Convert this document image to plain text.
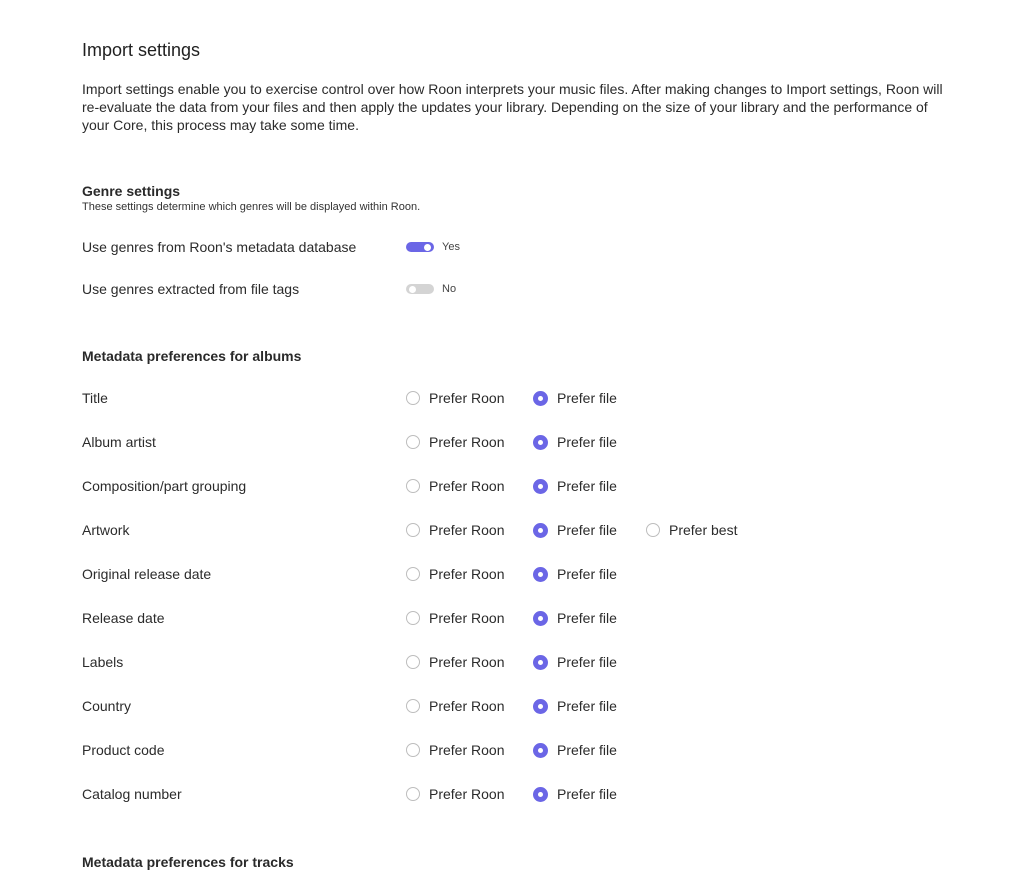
Import settings
Import settings enable you to exercise control over how Roon interprets your music files. After making changes to Import settings, Roon will re-evaluate the data from your files and then apply the updates your library. Depending on the size of your library and the performance of your Core, this process may take some time.
Genre settings
These settings determine which genres will be displayed within Roon.
Use genres from Roon's metadata database	Yes
Use genres extracted from file tags	No
Metadata preferences for albums
Title	Prefer Roon	Prefer file
Album artist	Prefer Roon	Prefer file
Composition/part grouping	Prefer Roon	Prefer file
Artwork	Prefer Roon	Prefer file	Prefer best
Original release date	Prefer Roon	Prefer file
Release date	Prefer Roon	Prefer file
Labels	Prefer Roon	Prefer file
Country	Prefer Roon	Prefer file
Product code	Prefer Roon	Prefer file
Catalog number	Prefer Roon	Prefer file
Metadata preferences for tracks
